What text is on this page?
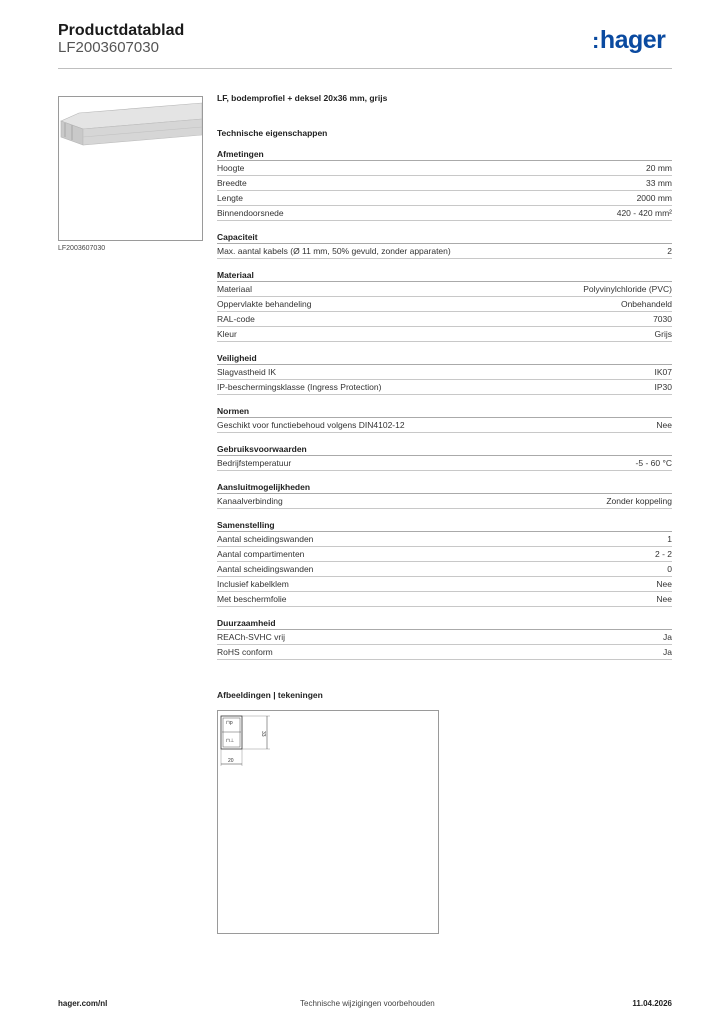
Productdatablad
LF2003607030	:hager
LF2003607030
LF, bodemprofiel + deksel 20x36 mm, grijs
Technische eigenschappen
Afmetingen
Hoogte	20 mm
Breedte	33 mm
Lengte	2000 mm
Binnendoorsnede	420 - 420 mm²
Capaciteit
Max. aantal kabels (Ø 11 mm, 50% gevuld, zonder apparaten)	2
Materiaal
Materiaal	Polyvinylchloride (PVC)
Oppervlakte behandeling	Onbehandeld
RAL-code	7030
Kleur	Grijs
Veiligheid
Slagvastheid IK	IK07
IP-beschermingsklasse (Ingress Protection)	IP30
Normen
Geschikt voor functiebehoud volgens DIN4102-12	Nee
Gebruiksvoorwaarden
Bedrijfstemperatuur	-5 - 60 °C
Aansluitmogelijkheden
Kanaalverbinding	Zonder koppeling
Samenstelling
Aantal scheidingswanden	1
Aantal compartimenten	2 - 2
Aantal scheidingswanden	0
Inclusief kabelklem	Nee
Met beschermfolie	Nee
Duurzaamheid
REACh-SVHC vrij	Ja
RoHS conform	Ja
Afbeeldingen | tekeningen
⊓p
⊓⊥
33
20
hager.com/nl	Technische wijzigingen voorbehouden	11.04.2026
